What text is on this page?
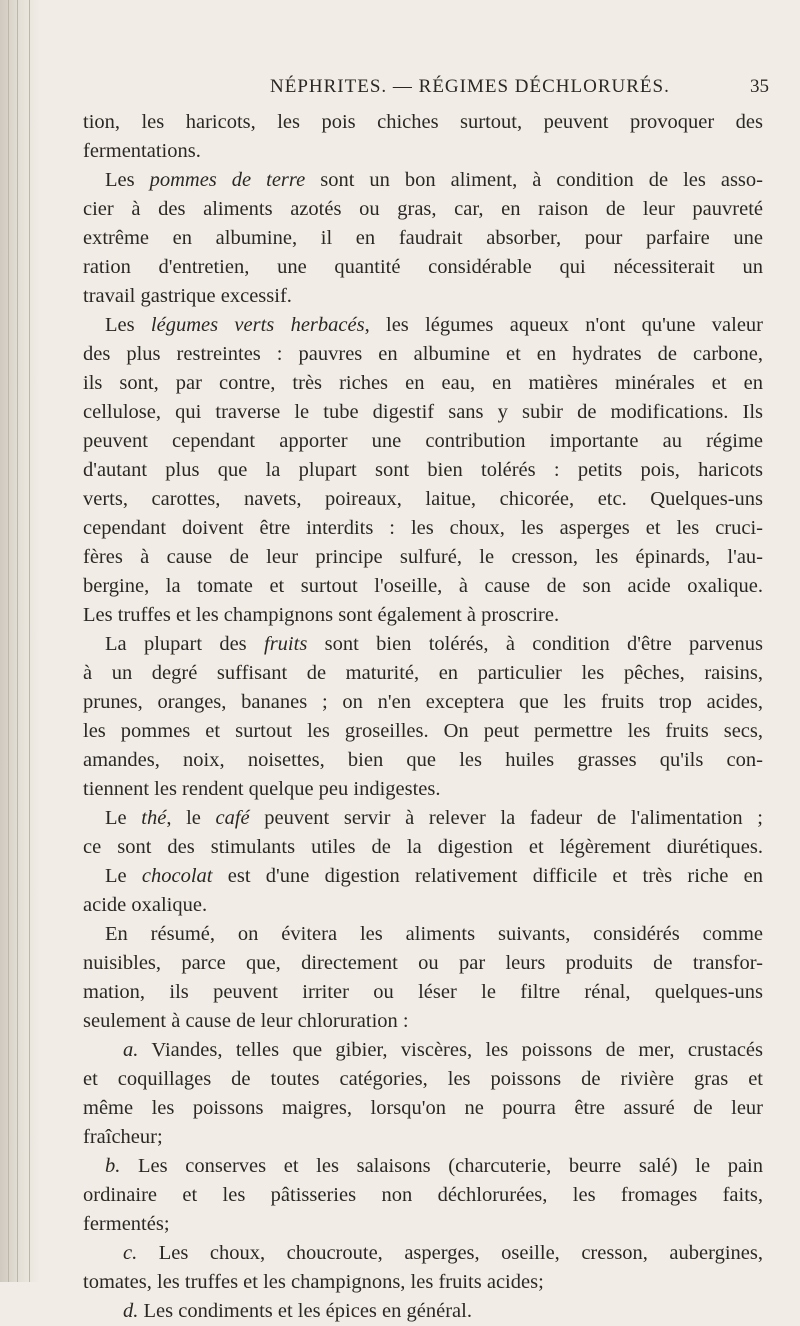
NÉPHRITES. — RÉGIMES DÉCHLORURÉS.	35
tion, les haricots, les pois chiches surtout, peuvent provoquer des
fermentations.
Les pommes de terre sont un bon aliment, à condition de les asso-
cier à des aliments azotés ou gras, car, en raison de leur pauvreté
extrême en albumine, il en faudrait absorber, pour parfaire une
ration d'entretien, une quantité considérable qui nécessiterait un
travail gastrique excessif.
Les légumes verts herbacés, les légumes aqueux n'ont qu'une valeur
des plus restreintes : pauvres en albumine et en hydrates de carbone,
ils sont, par contre, très riches en eau, en matières minérales et en
cellulose, qui traverse le tube digestif sans y subir de modifications. Ils
peuvent cependant apporter une contribution importante au régime
d'autant plus que la plupart sont bien tolérés : petits pois, haricots
verts, carottes, navets, poireaux, laitue, chicorée, etc. Quelques-uns
cependant doivent être interdits : les choux, les asperges et les cruci-
fères à cause de leur principe sulfuré, le cresson, les épinards, l'au-
bergine, la tomate et surtout l'oseille, à cause de son acide oxalique.
Les truffes et les champignons sont également à proscrire.
La plupart des fruits sont bien tolérés, à condition d'être parvenus
à un degré suffisant de maturité, en particulier les pêches, raisins,
prunes, oranges, bananes ; on n'en exceptera que les fruits trop acides,
les pommes et surtout les groseilles. On peut permettre les fruits secs,
amandes, noix, noisettes, bien que les huiles grasses qu'ils con-
tiennent les rendent quelque peu indigestes.
Le thé, le café peuvent servir à relever la fadeur de l'alimentation ;
ce sont des stimulants utiles de la digestion et légèrement diurétiques.
Le chocolat est d'une digestion relativement difficile et très riche en
acide oxalique.
En résumé, on évitera les aliments suivants, considérés comme
nuisibles, parce que, directement ou par leurs produits de transfor-
mation, ils peuvent irriter ou léser le filtre rénal, quelques-uns
seulement à cause de leur chloruration :
a. Viandes, telles que gibier, viscères, les poissons de mer, crustacés
et coquillages de toutes catégories, les poissons de rivière gras et
même les poissons maigres, lorsqu'on ne pourra être assuré de leur
fraîcheur;
b. Les conserves et les salaisons (charcuterie, beurre salé) le pain
ordinaire et les pâtisseries non déchlorurées, les fromages faits,
fermentés;
c. Les choux, choucroute, asperges, oseille, cresson, aubergines,
tomates, les truffes et les champignons, les fruits acides;
d. Les condiments et les épices en général.
